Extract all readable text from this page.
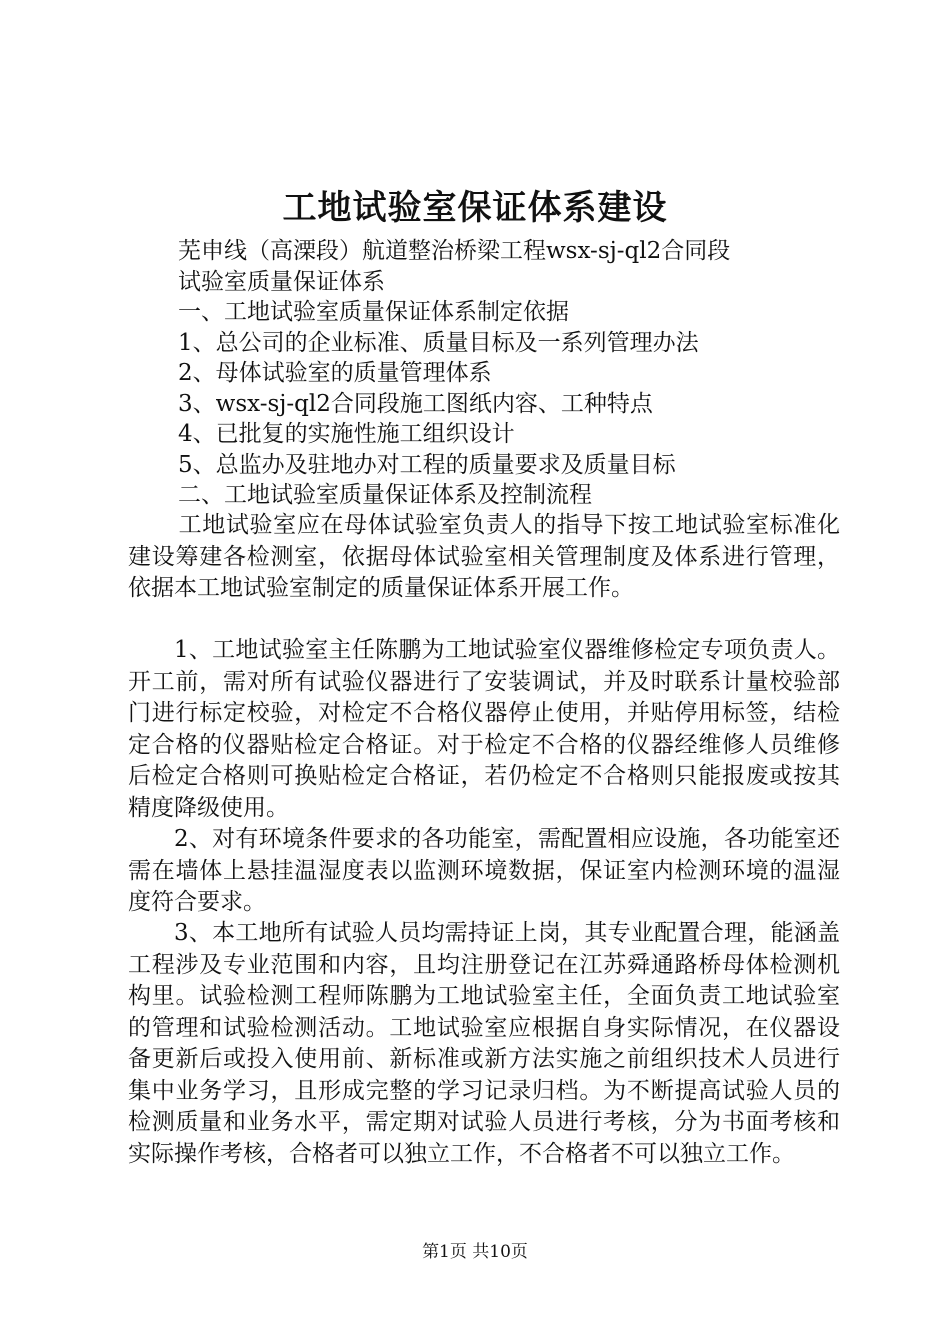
工地试验室保证体系建设
芜申线（高溧段）航道整治桥梁工程wsx-sj-ql2合同段
试验室质量保证体系
一、工地试验室质量保证体系制定依据
1、总公司的企业标准、质量目标及一系列管理办法
2、母体试验室的质量管理体系
3、wsx-sj-ql2合同段施工图纸内容、工种特点
4、已批复的实施性施工组织设计
5、总监办及驻地办对工程的质量要求及质量目标
二、工地试验室质量保证体系及控制流程

工地试验室应在母体试验室负责人的指导下按工地试验室标准化建设筹建各检测室，依据母体试验室相关管理制度及体系进行管理，依据本工地试验室制定的质量保证体系开展工作。

1、工地试验室主任陈鹏为工地试验室仪器维修检定专项负责人。开工前，需对所有试验仪器进行了安装调试，并及时联系计量校验部门进行标定校验，对检定不合格仪器停止使用，并贴停用标签，结检定合格的仪器贴检定合格证。对于检定不合格的仪器经维修人员维修后检定合格则可换贴检定合格证，若仍检定不合格则只能报废或按其精度降级使用。

2、对有环境条件要求的各功能室，需配置相应设施，各功能室还需在墙体上悬挂温湿度表以监测环境数据，保证室内检测环境的温湿度符合要求。

3、本工地所有试验人员均需持证上岗，其专业配置合理，能涵盖工程涉及专业范围和内容，且均注册登记在江苏舜通路桥母体检测机构里。试验检测工程师陈鹏为工地试验室主任，全面负责工地试验室的管理和试验检测活动。工地试验室应根据自身实际情况，在仪器设备更新后或投入使用前、新标准或新方法实施之前组织技术人员进行集中业务学习，且形成完整的学习记录归档。为不断提高试验人员的检测质量和业务水平，需定期对试验人员进行考核，分为书面考核和实际操作考核，合格者可以独立工作，不合格者不可以独立工作。

第1页 共10页
